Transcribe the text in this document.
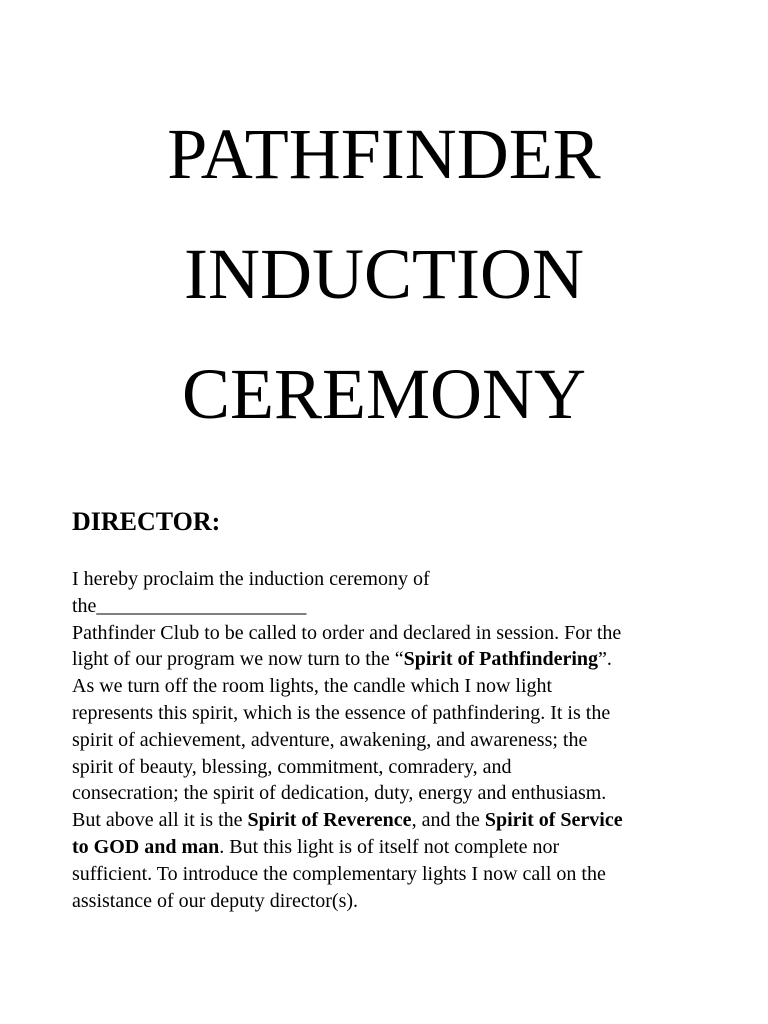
PATHFINDER
INDUCTION
CEREMONY
DIRECTOR:
I hereby proclaim the induction ceremony of
the_____________________
Pathfinder Club to be called to order and declared in session. For the
light of our program we now turn to the “Spirit of Pathfindering”.
As we turn off the room lights, the candle which I now light
represents this spirit, which is the essence of pathfindering. It is the
spirit of achievement, adventure, awakening, and awareness; the
spirit of beauty, blessing, commitment, comradery, and
consecration; the spirit of dedication, duty, energy and enthusiasm.
But above all it is the Spirit of Reverence, and the Spirit of Service
to GOD and man. But this light is of itself not complete nor
sufficient. To introduce the complementary lights I now call on the
assistance of our deputy director(s).
